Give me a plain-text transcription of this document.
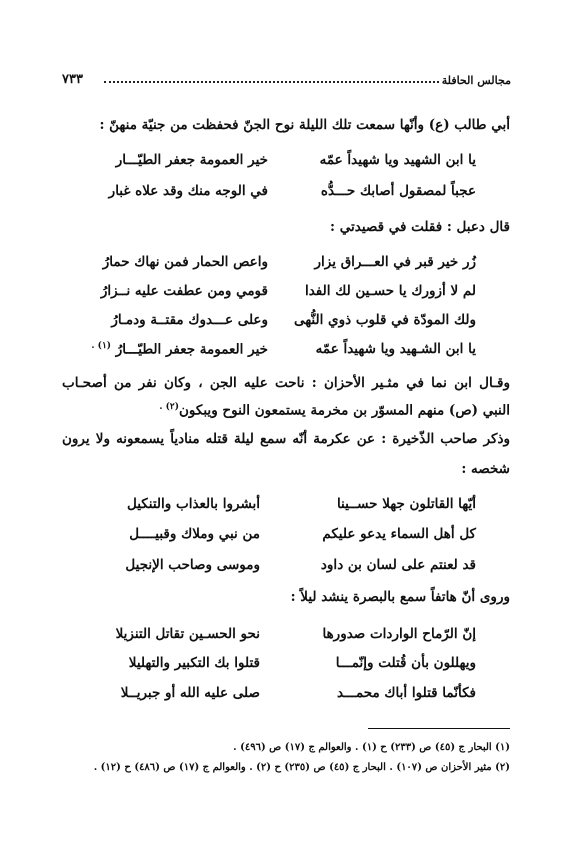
مجالس الحافلة
٧٣٣
أبي طالب (ع) وأنّها سمعت تلك الليلة نوح الجنّ فحفظت من جنيّة منهنّ :
يا ابن الشهيد ويا شهيداً عمّه
خير العمومة جعفر الطيّـــار
عجباً لمصقول أصابك حـــدُّه
في الوجه منك وقد علاه غبار
قال دعبل : فقلت في قصيدتي :
زُر خير قبر في العـــراق يزار
واعص الحمار فمن نهاك حمارُ
لم لا أزورك يا حسـين لك الفدا
قومي ومن عطفت عليه نــزارُ
ولك المودّة في قلوب ذوي النُّهى
وعلى عـــدوك مقتــة ودمـارُ
يا ابن الشـهيد ويا شهيداً عمّه
خير العمومة جعفر الطيّـــارُ $^{(١) .}$
وقـال ابن نما في مثـير الأحزان : ناحت عليه الجن ، وكان نفر من أصحـاب
النبي (ص) منهم المسوّر بن مخرمة يستمعون النوح ويبكون$^{(٢) .}$
وذكر صاحب الذّخيرة : عن عكرمة أنّه سمع ليلة قتله منادياً يسمعونه ولا يرون
شخصه :
أيّها القاتلون جهلا حســينا
أبشروا بالعذاب والتنكيل
كل أهل السماء يدعو عليكم
من نبي وملاك وقبيــــل
قد لعنتم على لسان بن داود
وموسى وصاحب الإنجيل
وروى أنّ هاتفاً سمع بالبصرة ينشد ليلاً :
إنّ الرّماح الواردات صدورها
نحو الحسـين تقاتل التنزيلا
ويهللون بأن قُتلت وإنّمـــا
قتلوا بك التكبير والتهليلا
فكأنّما قتلوا أباك محمـــد
صلى عليه الله أو جبريــلا
(١) البحار ج (٤٥) ص (٢٣٣) ح (١) . والعوالم ج (١٧) ص (٤٩٦) .
(٢) مثير الأحزان ص (١٠٧) . البحار ج (٤٥) ص (٢٣٥) ح (٢) . والعوالم ج (١٧) ص (٤٨٦) ح (١٢) .
